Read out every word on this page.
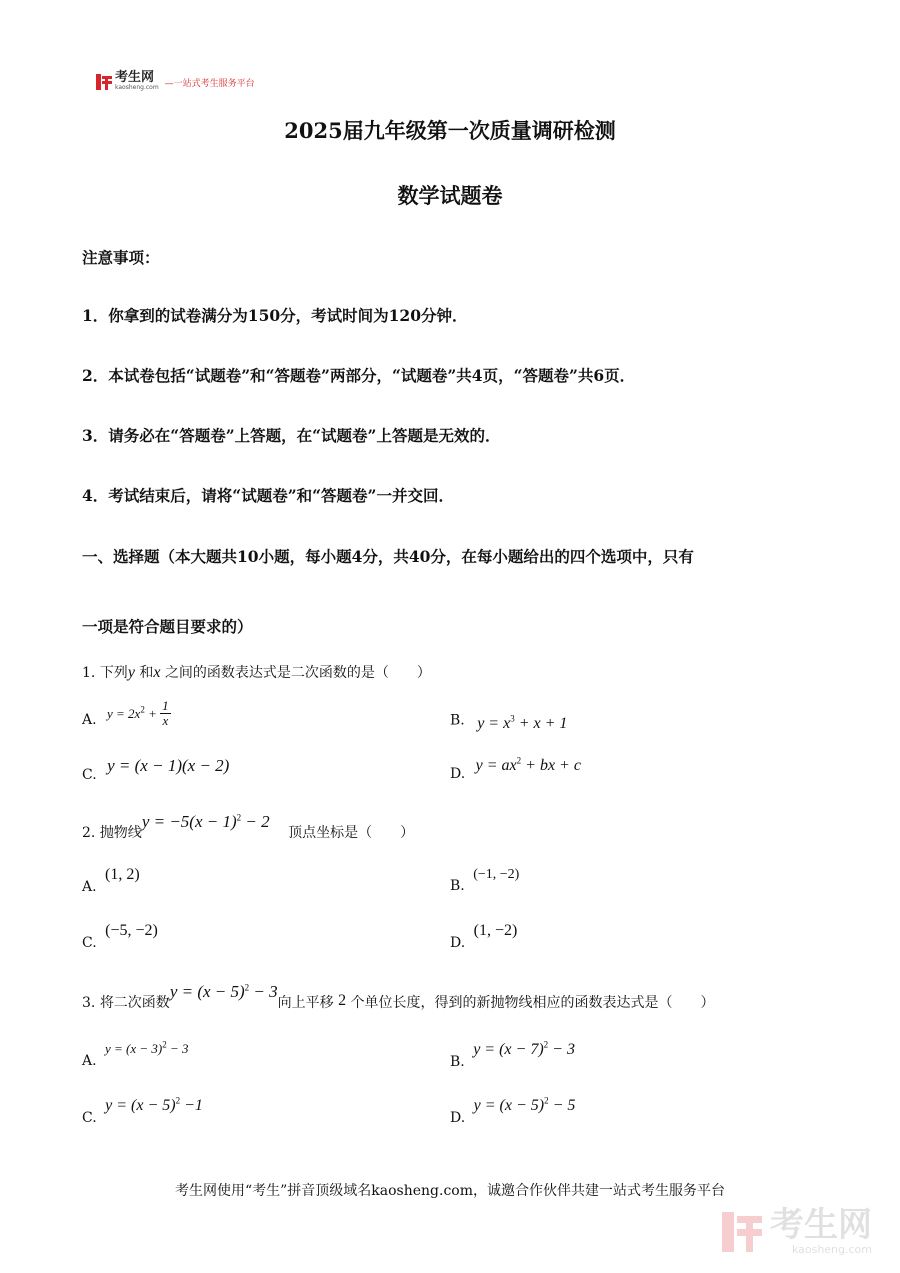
考生网
kaosheng.com —一站式考生服务平台
2025届九年级第一次质量调研检测
数学试题卷
注意事项：
1．你拿到的试卷满分为150分，考试时间为120分钟．
2．本试卷包括“试题卷”和“答题卷”两部分，“试题卷”共4页，“答题卷”共6页．
3．请务必在“答题卷”上答题，在“试题卷”上答题是无效的．
4．考试结束后，请将“试题卷”和“答题卷”一并交回．
一、选择题（本大题共10小题，每小题4分，共40分，在每小题给出的四个选项中，只有
一项是符合题目要求的）
1. 下列y 和x 之间的函数表达式是二次函数的是（　　）
A. $y = 2x^2 + \frac{1}{x}$	B. $y = x^3 + x + 1$
C. y = (x − 1)(x − 2)	D. $y = ax^2$ + bx + c
2. 抛物线$y = -5(x - 1)^2 - 2$ 顶点坐标是（　　）
A. (1, 2)
B. (−1, −2)
C. (−5, −2)
D. (1, −2)
3. 将二次函数$y = (x - 5)^2 - 3$向上平移 2 个单位长度，得到的新抛物线相应的函数表达式是（　　）
A. $y = (x - 3)^2 - 3$
B. $y = (x - 7)^2 - 3$
C. $y = (x - 5)^2 -1$
D. $y = (x - 5)^2 - 5$
考生网使用“考生”拼音顶级域名kaosheng.com，诚邀合作伙伴共建一站式考生服务平台
考生网
kaosheng.com
